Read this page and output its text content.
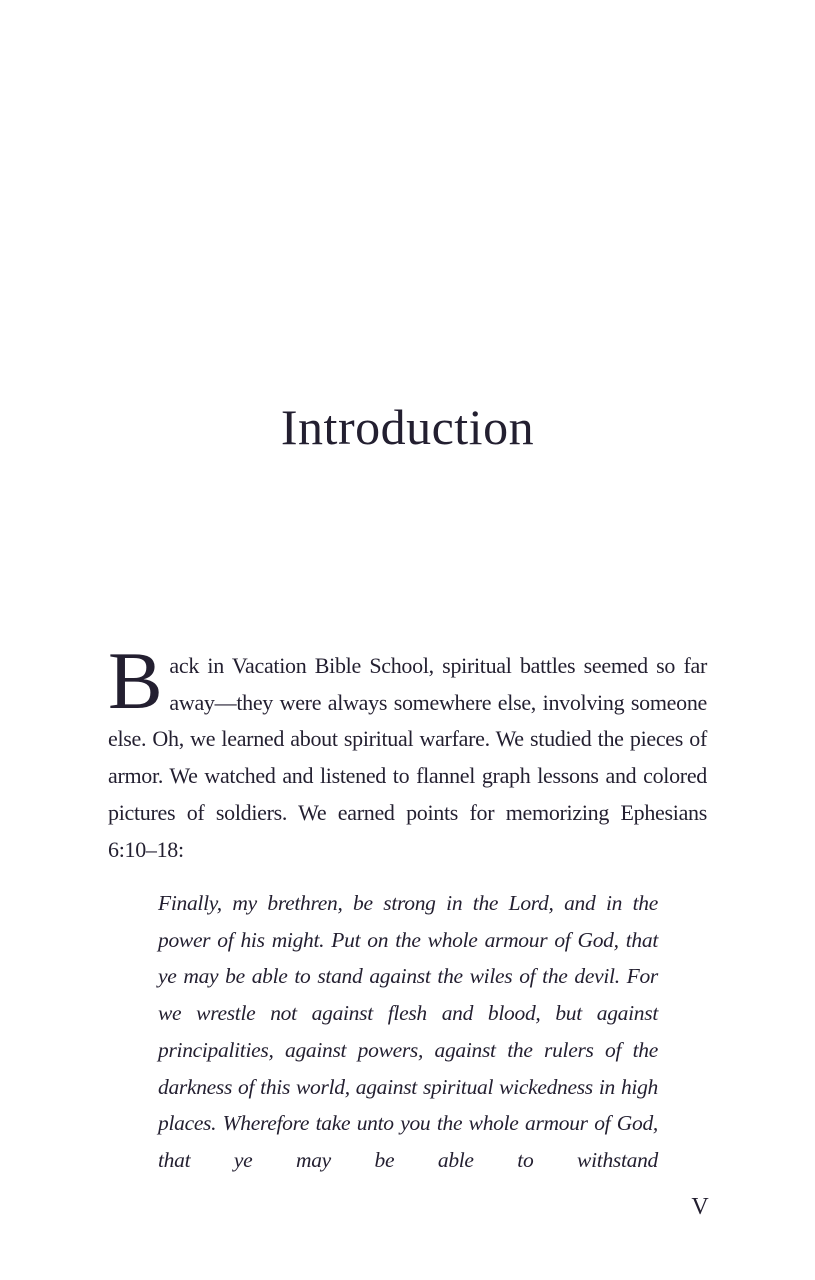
Introduction

Back in Vacation Bible School, spiritual battles seemed so far away—they were always somewhere else, involving someone else. Oh, we learned about spiritual warfare. We studied the pieces of armor. We watched and listened to flannel graph lessons and colored pictures of soldiers. We earned points for memorizing Ephesians 6:10–18:

Finally, my brethren, be strong in the Lord, and in the power of his might. Put on the whole armour of God, that ye may be able to stand against the wiles of the devil. For we wrestle not against flesh and blood, but against principalities, against powers, against the rulers of the darkness of this world, against spiritual wickedness in high places. Wherefore take unto you the whole armour of God, that ye may be able to withstand
V
